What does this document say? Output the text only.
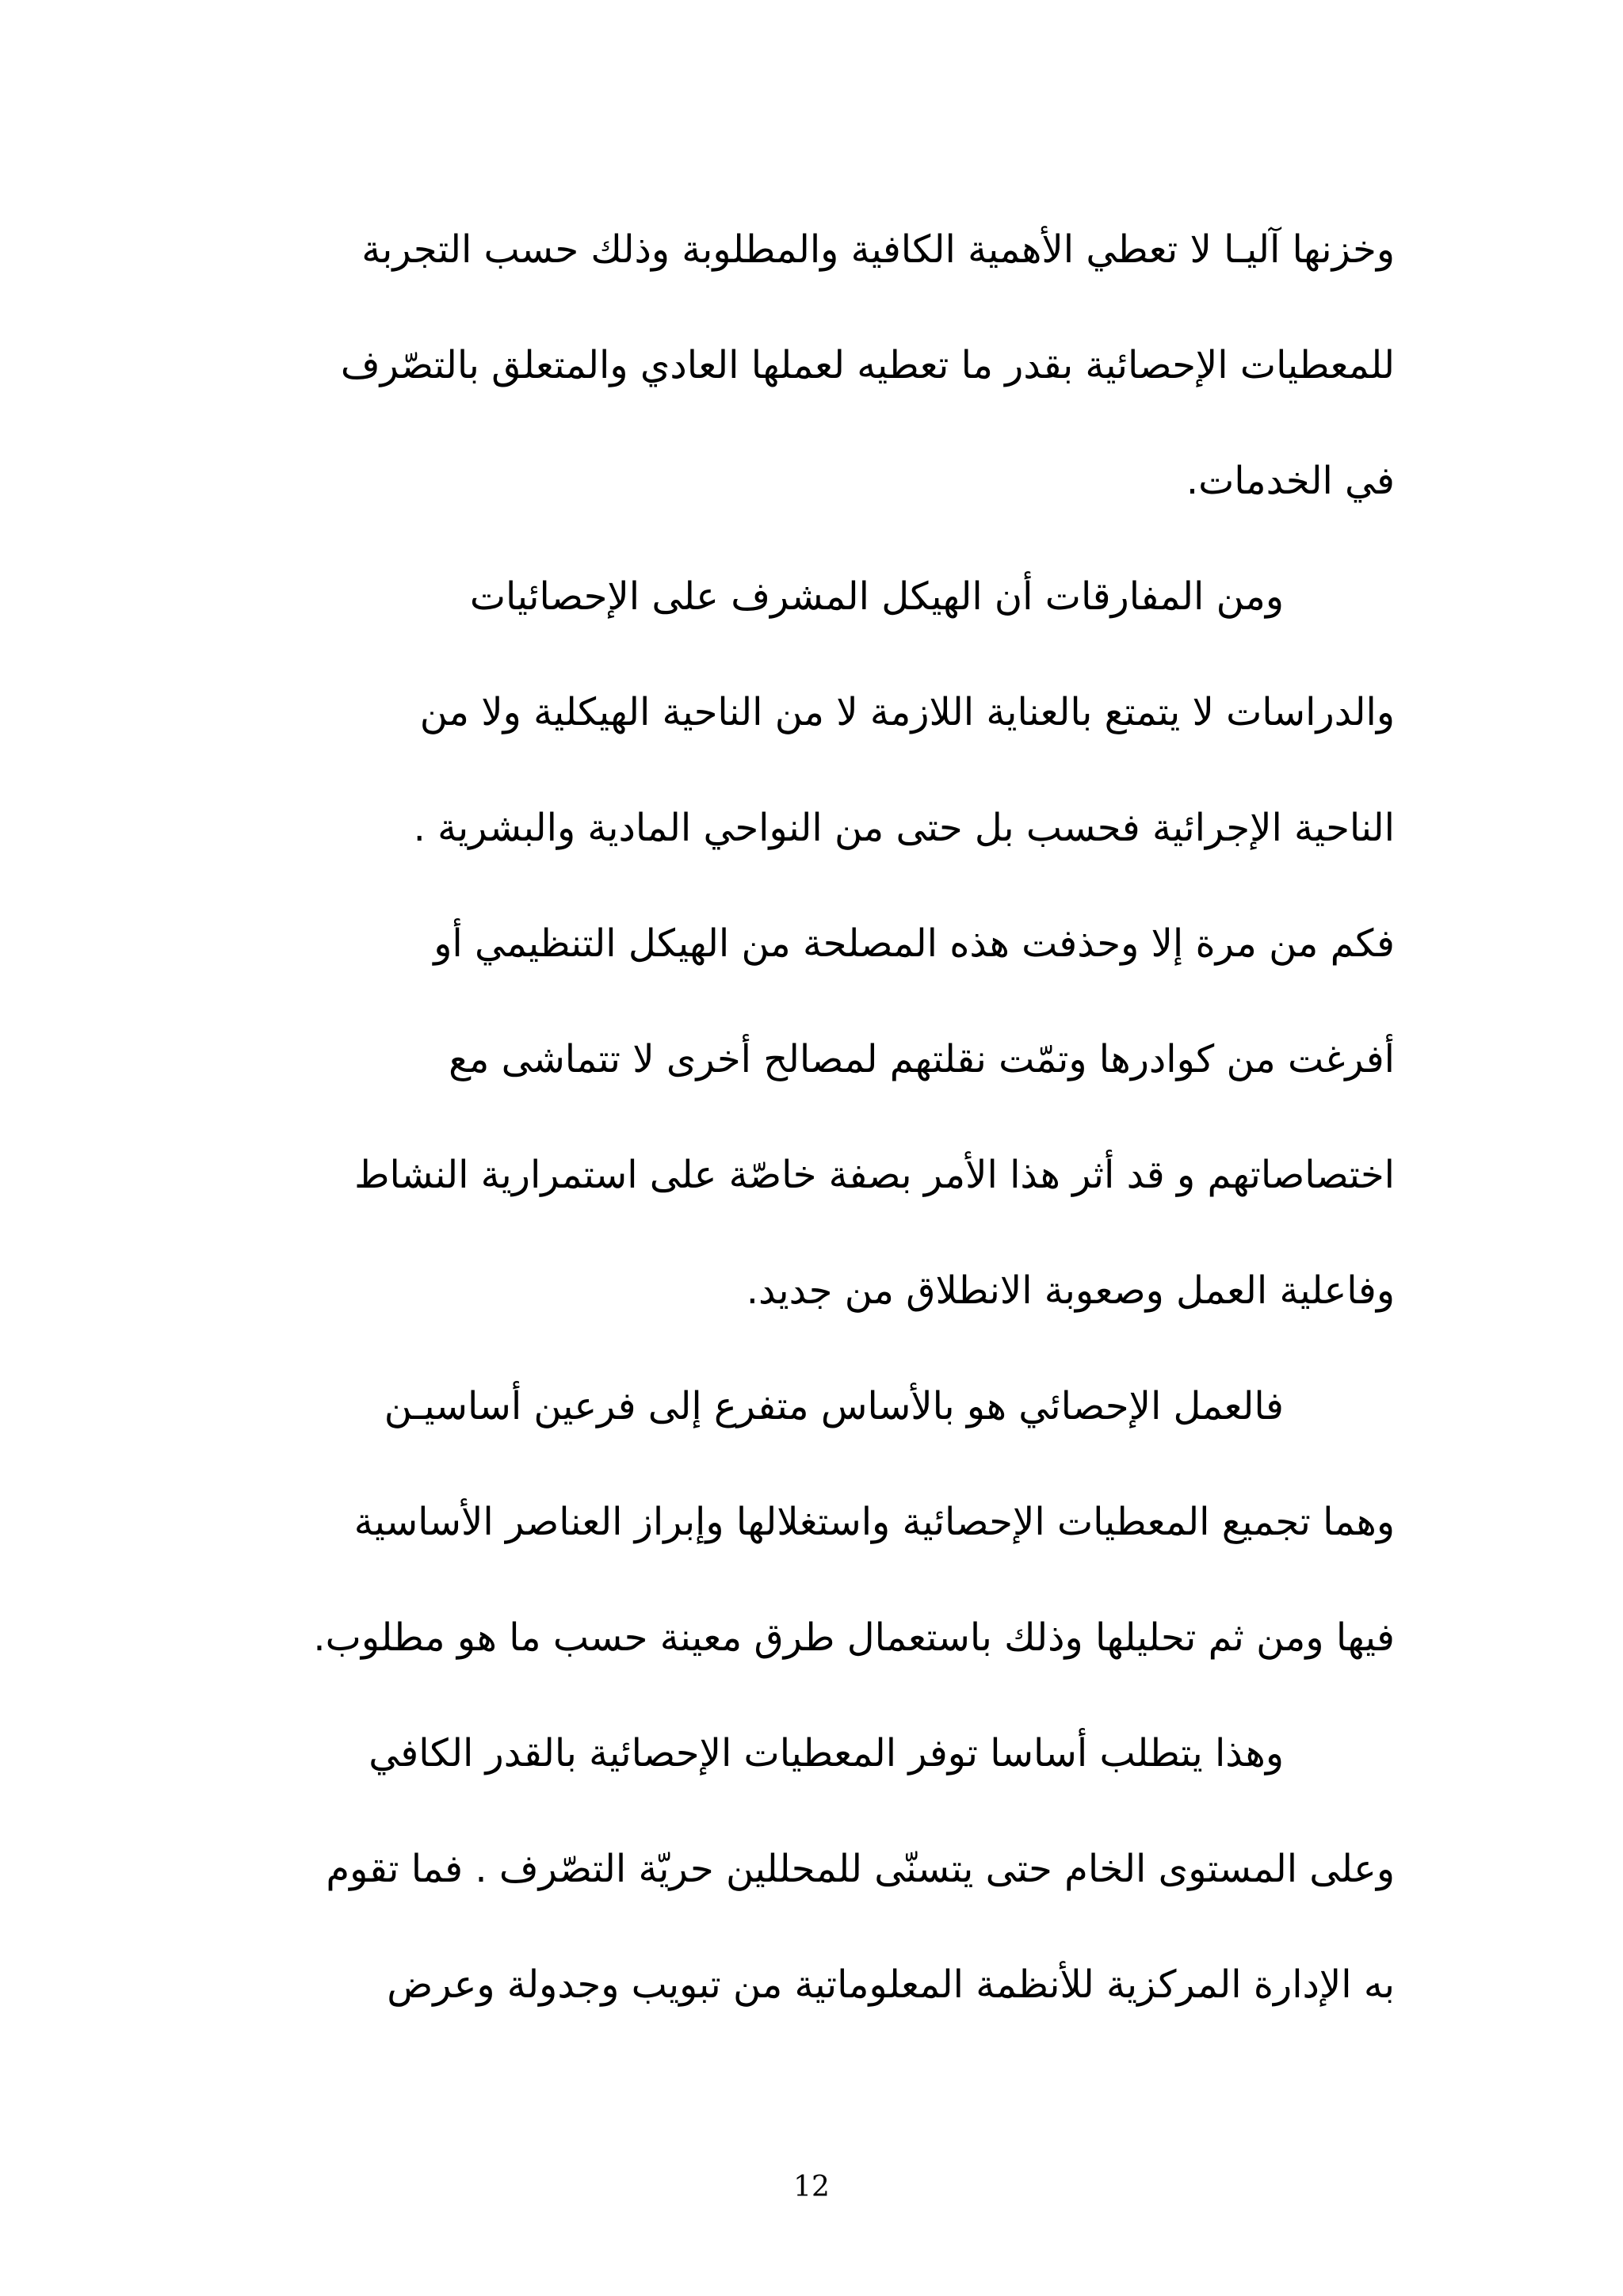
وخزنها آليـا لا تعطي الأهمية الكافية والمطلوبة وذلك حسب التجربة
للمعطيات الإحصائية بقدر ما تعطيه لعملها العادي والمتعلق بالتصّرف
في الخدمات.
ومن المفارقات أن الهيكل المشرف على الإحصائيات
والدراسات لا يتمتع بالعناية اللازمة لا من الناحية الهيكلية ولا من
الناحية الإجرائية فحسب بل حتى من النواحي المادية والبشرية .
فكم من مرة إلا وحذفت هذه المصلحة من الهيكل التنظيمي أو
أفرغت من كوادرها وتمّت نقلتهم لمصالح أخرى لا تتماشى مع
اختصاصاتهم و قد أثر هذا الأمر بصفة خاصّة على استمرارية النشاط
وفاعلية العمل وصعوبة الانطلاق من جديد.
فالعمل الإحصائي هو بالأساس متفرع إلى فرعين أساسيـن
وهما تجميع المعطيات الإحصائية واستغلالها وإبراز العناصر الأساسية
فيها ومن ثم تحليلها وذلك باستعمال طرق معينة حسب ما هو مطلوب.
وهذا يتطلب أساسا توفر المعطيات الإحصائية بالقدر الكافي
وعلى المستوى الخام حتى يتسنّى للمحللين حريّة التصّرف . فما تقوم
به الإدارة المركزية للأنظمة المعلوماتية من تبويب وجدولة وعرض
12
